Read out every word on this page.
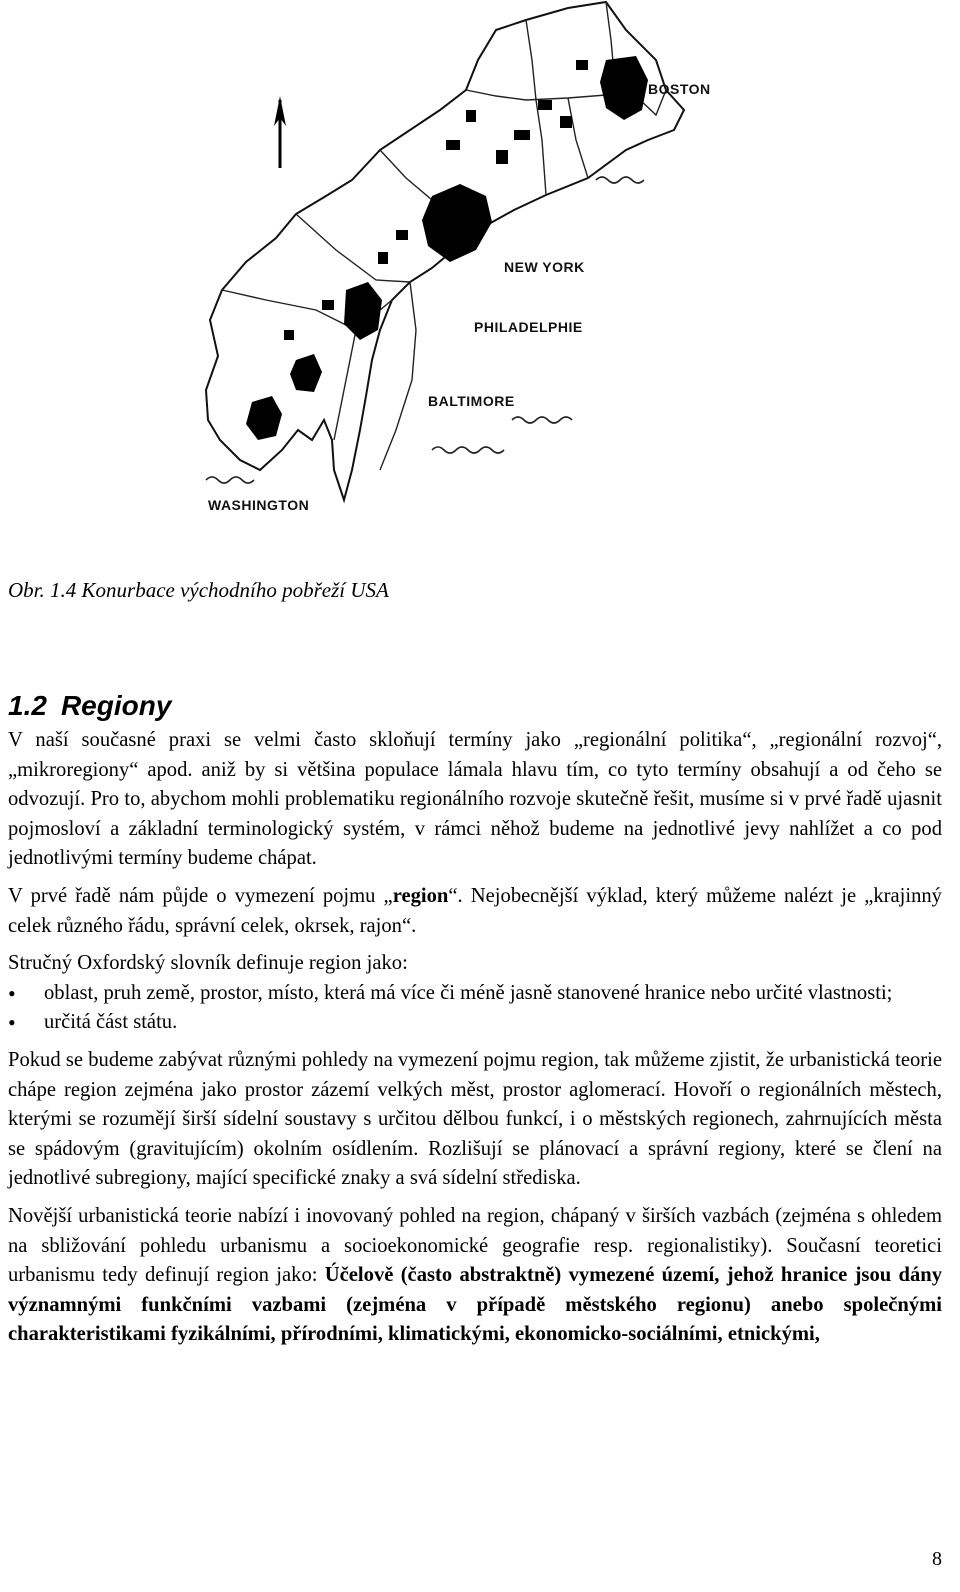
BOSTON
NEW YORK
PHILADELPHIE
BALTIMORE
WASHINGTON
Obr. 1.4 Konurbace východního pobřeží USA
1.2 Regiony

V naší současné praxi se velmi často skloňují termíny jako „regionální politika“, „regionální rozvoj“, „mikroregiony“ apod. aniž by si většina populace lámala hlavu tím, co tyto termíny obsahují a od čeho se odvozují. Pro to, abychom mohli problematiku regionálního rozvoje skutečně řešit, musíme si v prvé řadě ujasnit pojmosloví a základní terminologický systém, v rámci něhož budeme na jednotlivé jevy nahlížet a co pod jednotlivými termíny budeme chápat.

V prvé řadě nám půjde o vymezení pojmu „region“. Nejobecnější výklad, který můžeme nalézt je „krajinný celek různého řádu, správní celek, okrsek, rajon“.

Stručný Oxfordský slovník definuje region jako:

• oblast, pruh země, prostor, místo, která má více či méně jasně stanovené hranice nebo určité vlastnosti;
• určitá část státu.

Pokud se budeme zabývat různými pohledy na vymezení pojmu region, tak můžeme zjistit, že urbanistická teorie chápe region zejména jako prostor zázemí velkých měst, prostor aglomerací. Hovoří o regionálních městech, kterými se rozumějí širší sídelní soustavy s určitou dělbou funkcí, i o městských regionech, zahrnujících města se spádovým (gravitujícím) okolním osídlením. Rozlišují se plánovací a správní regiony, které se člení na jednotlivé subregiony, mající specifické znaky a svá sídelní střediska.

Novější urbanistická teorie nabízí i inovovaný pohled na region, chápaný v širších vazbách (zejména s ohledem na sbližování pohledu urbanismu a socioekonomické geografie resp. regionalistiky). Současní teoretici urbanismu tedy definují region jako: Účelově (často abstraktně) vymezené území, jehož hranice jsou dány významnými funkčními vazbami (zejména v případě městského regionu) anebo společnými charakteristikami fyzikálními, přírodními, klimatickými, ekonomicko-sociálními, etnickými,

8
